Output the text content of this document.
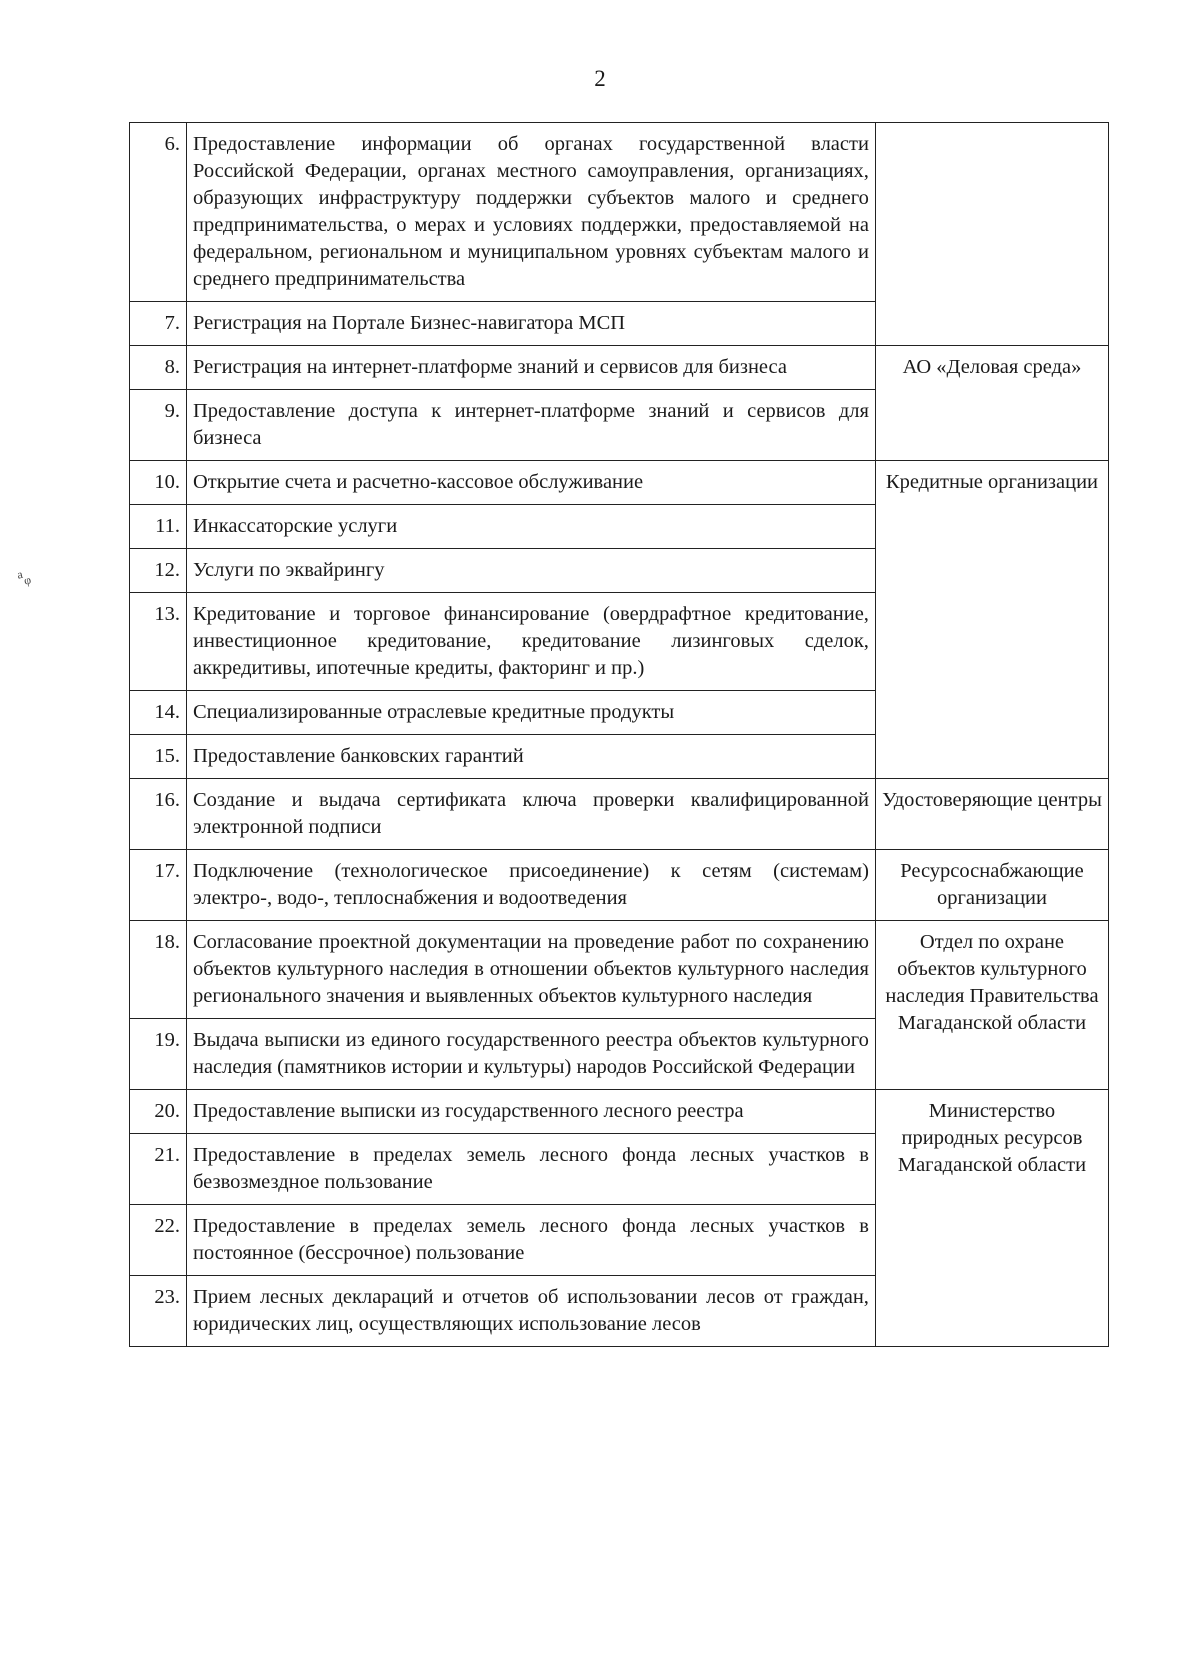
2
ᵃᵩ
6.	Предоставление информации об органах государственной власти Российской Федерации, органах местного самоуправления, организациях, образующих инфраструктуру поддержки субъектов малого и среднего предпринимательства, о мерах и условиях поддержки, предоставляемой на федеральном, региональном и муниципальном уровнях субъектам малого и среднего предпринимательства	
7.	Регистрация на Портале Бизнес-навигатора МСП	
8.	Регистрация на интернет-платформе знаний и сервисов для бизнеса	АО «Деловая среда»
9.	Предоставление доступа к интернет-платформе знаний и сервисов для бизнеса	
10.	Открытие счета и расчетно-кассовое обслуживание	Кредитные организации
11.	Инкассаторские услуги	
12.	Услуги по эквайрингу	
13.	Кредитование и торговое финансирование (овердрафтное кредитование, инвестиционное кредитование, кредитование лизинговых сделок, аккредитивы, ипотечные кредиты, факторинг и пр.)	
14.	Специализированные отраслевые кредитные продукты	
15.	Предоставление банковских гарантий	
16.	Создание и выдача сертификата ключа проверки квалифицированной электронной подписи	Удостоверяющие центры
17.	Подключение (технологическое присоединение) к сетям (системам) электро-, водо-, теплоснабжения и водоотведения	Ресурсоснабжающие организации
18.	Согласование проектной документации на проведение работ по сохранению объектов культурного наследия в отношении объектов культурного наследия регионального значения и выявленных объектов культурного наследия	Отдел по охране объектов культурного наследия Правительства Магаданской области
19.	Выдача выписки из единого государственного реестра объектов культурного наследия (памятников истории и культуры) народов Российской Федерации	
20.	Предоставление выписки из государственного лесного реестра	Министерство природных ресурсов Магаданской области
21.	Предоставление в пределах земель лесного фонда лесных участков в безвозмездное пользование	
22.	Предоставление в пределах земель лесного фонда лесных участков в постоянное (бессрочное) пользование	
23.	Прием лесных деклараций и отчетов об использовании лесов от граждан, юридических лиц, осуществляющих использование лесов	
